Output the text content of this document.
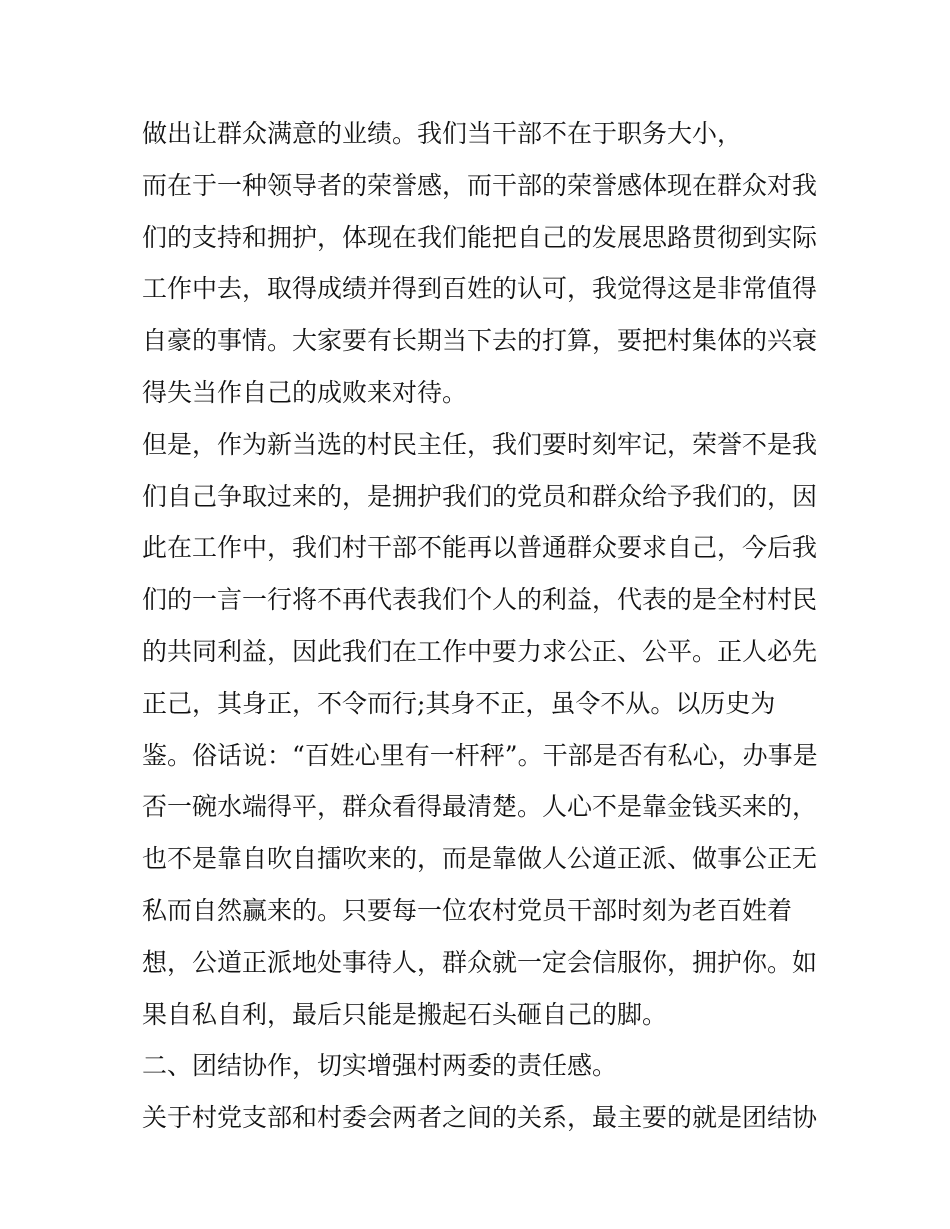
做出让群众满意的业绩。我们当干部不在于职务大小，
而在于一种领导者的荣誉感，而干部的荣誉感体现在群众对我
们的支持和拥护，体现在我们能把自己的发展思路贯彻到实际
工作中去，取得成绩并得到百姓的认可，我觉得这是非常值得
自豪的事情。大家要有长期当下去的打算，要把村集体的兴衰
得失当作自己的成败来对待。
但是，作为新当选的村民主任，我们要时刻牢记，荣誉不是我
们自己争取过来的，是拥护我们的党员和群众给予我们的，因
此在工作中，我们村干部不能再以普通群众要求自己，今后我
们的一言一行将不再代表我们个人的利益，代表的是全村村民
的共同利益，因此我们在工作中要力求公正、公平。正人必先
正己，其身正，不令而行;其身不正，虽令不从。以历史为
鉴。俗话说：“百姓心里有一杆秤”。干部是否有私心，办事是
否一碗水端得平，群众看得最清楚。人心不是靠金钱买来的，
也不是靠自吹自擂吹来的，而是靠做人公道正派、做事公正无
私而自然赢来的。只要每一位农村党员干部时刻为老百姓着
想，公道正派地处事待人，群众就一定会信服你，拥护你。如
果自私自利，最后只能是搬起石头砸自己的脚。
二、团结协作，切实增强村两委的责任感。
关于村党支部和村委会两者之间的关系，最主要的就是团结协
